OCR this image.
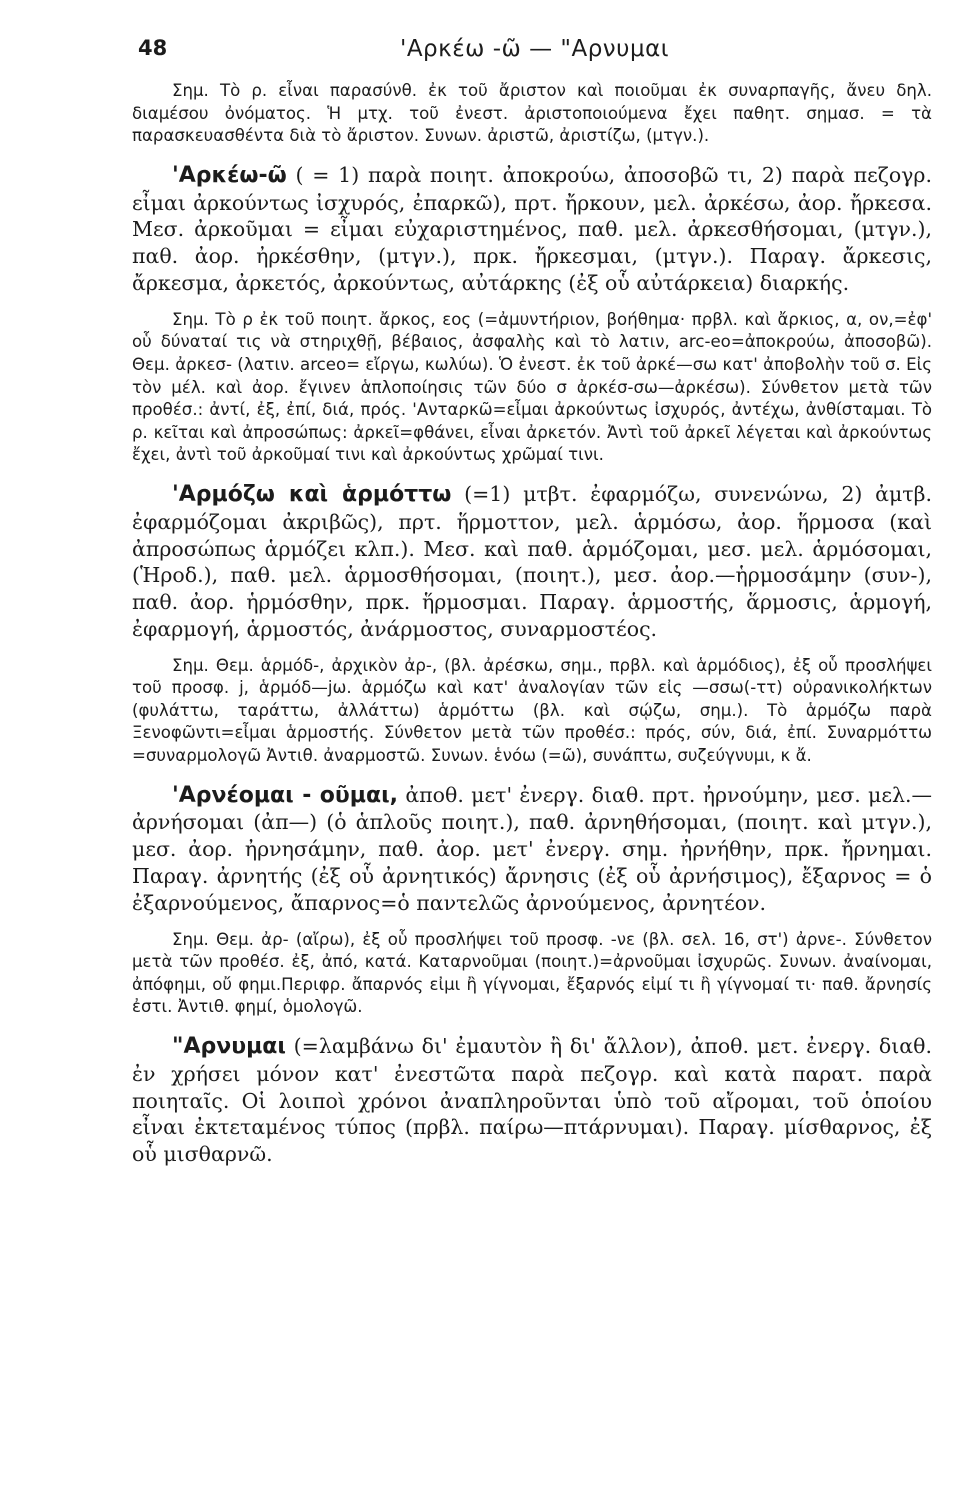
48	'Αρκέω -ῶ — "Αρνυμαι

Σημ. Τὸ ρ. εἶναι παρασύνθ. ἐκ τοῦ ἄριστον καὶ ποιοῦμαι ἐκ συναρπαγῆς, ἄνευ δηλ. διαμέσου ὀνόματος. Ἡ μτχ. τοῦ ἐνεστ. ἀριστοποιούμενα ἔχει παθητ. σημασ. = τὰ παρασκευασθέντα διὰ τὸ ἄριστον. Συνων. ἀριστῶ, ἀριστίζω, (μτγν.).

'Αρκέω-ῶ ( = 1) παρὰ ποιητ. ἀποκρούω, ἀποσοβῶ τι, 2) παρὰ πεζογρ. εἶμαι ἀρκούντως ἰσχυρός, ἐπαρκῶ), πρτ. ἤρκουν, μελ. ἀρκέσω, ἀορ. ἤρκεσα. Μεσ. ἀρκοῦμαι = εἶμαι εὐχαριστημένος, παθ. μελ. ἀρκεσθήσομαι, (μτγν.), παθ. ἀορ. ἠρκέσθην, (μτγν.), πρκ. ἤρκεσμαι, (μτγν.). Παραγ. ἄρκεσις, ἄρκεσμα, ἀρκετός, ἀρκούντως, αὐτάρκης (ἐξ οὗ αὐτάρκεια) διαρκής.

Σημ. Τὸ ρ ἐκ τοῦ ποιητ. ἄρκος, εος (=ἀμυντήριον, βοήθημα· πρβλ. καὶ ἄρκιος, α, ον,=ἐφ' οὗ δύναταί τις νὰ στηριχθῇ, βέβαιος, ἀσφαλὴς καὶ τὸ λατιν, arc-eo=ἀποκρούω, ἀποσοβῶ). Θεμ. ἀρκεσ- (λατιν. arceo= εἴργω, κωλύω). Ὁ ἐνεστ. ἐκ τοῦ ἀρκέ—σω κατ' ἀποβολὴν τοῦ σ. Εἰς τὸν μέλ. καὶ ἀορ. ἔγινεν ἁπλοποίησις τῶν δύο σ ἀρκέσ-σω—ἀρκέσω). Σύνθετον μετὰ τῶν προθέσ.: ἀντί, ἐξ, ἐπί, διά, πρός. 'Ανταρκῶ=εἶμαι ἀρκούντως ἰσχυρός, ἀντέχω, ἀνθίσταμαι. Τὸ ρ. κεῖται καὶ ἀπροσώπως: ἀρκεῖ=φθάνει, εἶναι ἀρκετόν. Ἀντὶ τοῦ ἀρκεῖ λέγεται καὶ ἀρκούντως ἔχει, ἀντὶ τοῦ ἀρκοῦμαί τινι καὶ ἀρκούντως χρῶμαί τινι.

'Αρμόζω καὶ ἁρμόττω (=1) μτβτ. ἐφαρμόζω, συνενώνω, 2) ἀμτβ. ἐφαρμόζομαι ἀκριβῶς), πρτ. ἥρμοττον, μελ. ἁρμόσω, ἀορ. ἥρμοσα (καὶ ἀπροσώπως ἁρμόζει κλπ.). Μεσ. καὶ παθ. ἁρμόζομαι, μεσ. μελ. ἁρμόσομαι, (Ἡροδ.), παθ. μελ. ἁρμοσθήσομαι, (ποιητ.), μεσ. ἀορ.—ἡρμοσάμην (συν-), παθ. ἀορ. ἡρμόσθην, πρκ. ἥρμοσμαι. Παραγ. ἁρμοστής, ἅρμοσις, ἁρμογή, ἐφαρμογή, ἁρμοστός, ἀνάρμοστος, συναρμοστέος.

Σημ. Θεμ. ἁρμόδ-, ἀρχικὸν ἀρ-, (βλ. ἀρέσκω, σημ., πρβλ. καὶ ἁρμόδιος), ἐξ οὗ προσλήψει τοῦ προσφ. j, ἁρμόδ—jω. ἁρμόζω καὶ κατ' ἀναλογίαν τῶν εἰς —σσω(-ττ) οὐρανικολήκτων (φυλάττω, ταράττω, ἀλλάττω) ἁρμόττω (βλ. καὶ σῴζω, σημ.). Τὸ ἁρμόζω παρὰ Ξενοφῶντι=εἶμαι ἁρμοστής. Σύνθετον μετὰ τῶν προθέσ.: πρός, σύν, διά, ἐπί. Συναρμόττω =συναρμολογῶ Ἀντιθ. ἀναρμοστῶ. Συνων. ἑνόω (=ῶ), συνάπτω, συζεύγνυμι, κ ἄ.

'Αρνέομαι - οῦμαι, ἀποθ. μετ' ἐνεργ. διαθ. πρτ. ἠρνούμην, μεσ. μελ.—ἀρνήσομαι (ἀπ—) (ὁ ἁπλοῦς ποιητ.), παθ. ἀρνηθήσομαι, (ποιητ. καὶ μτγν.), μεσ. ἀορ. ἠρνησάμην, παθ. ἀορ. μετ' ἐνεργ. σημ. ἠρνήθην, πρκ. ἤρνημαι. Παραγ. ἀρνητής (ἐξ οὗ ἀρνητικός) ἄρνησις (ἐξ οὗ ἀρνήσιμος), ἔξαρνος = ὁ ἐξαρνούμενος, ἄπαρνος=ὁ παντελῶς ἀρνούμενος, ἀρνητέον.

Σημ. Θεμ. ἀρ- (αἴρω), ἐξ οὗ προσλήψει τοῦ προσφ. -νε (βλ. σελ. 16, στ') ἀρνε-. Σύνθετον μετὰ τῶν προθέσ. ἐξ, ἀπό, κατά. Καταρνοῦμαι (ποιητ.)=ἀρνοῦμαι ἰσχυρῶς. Συνων. ἀναίνομαι, ἀπόφημι, οὔ φημι.Περιφρ. ἄπαρνός εἰμι ἢ γίγνομαι, ἔξαρνός εἰμί τι ἢ γίγνομαί τι· παθ. ἄρνησίς ἐστι. Ἀντιθ. φημί, ὁμολογῶ.

"Αρνυμαι (=λαμβάνω δι' ἐμαυτὸν ἢ δι' ἄλλον), ἀποθ. μετ. ἐνεργ. διαθ. ἐν χρήσει μόνον κατ' ἐνεστῶτα παρὰ πεζογρ. καὶ κατὰ παρατ. παρὰ ποιηταῖς. Οἱ λοιποὶ χρόνοι ἀναπληροῦνται ὑπὸ τοῦ αἴρομαι, τοῦ ὁποίου εἶναι ἐκτεταμένος τύπος (πρβλ. παίρω—πτάρνυμαι). Παραγ. μίσθαρνος, ἐξ οὗ μισθαρνῶ.
